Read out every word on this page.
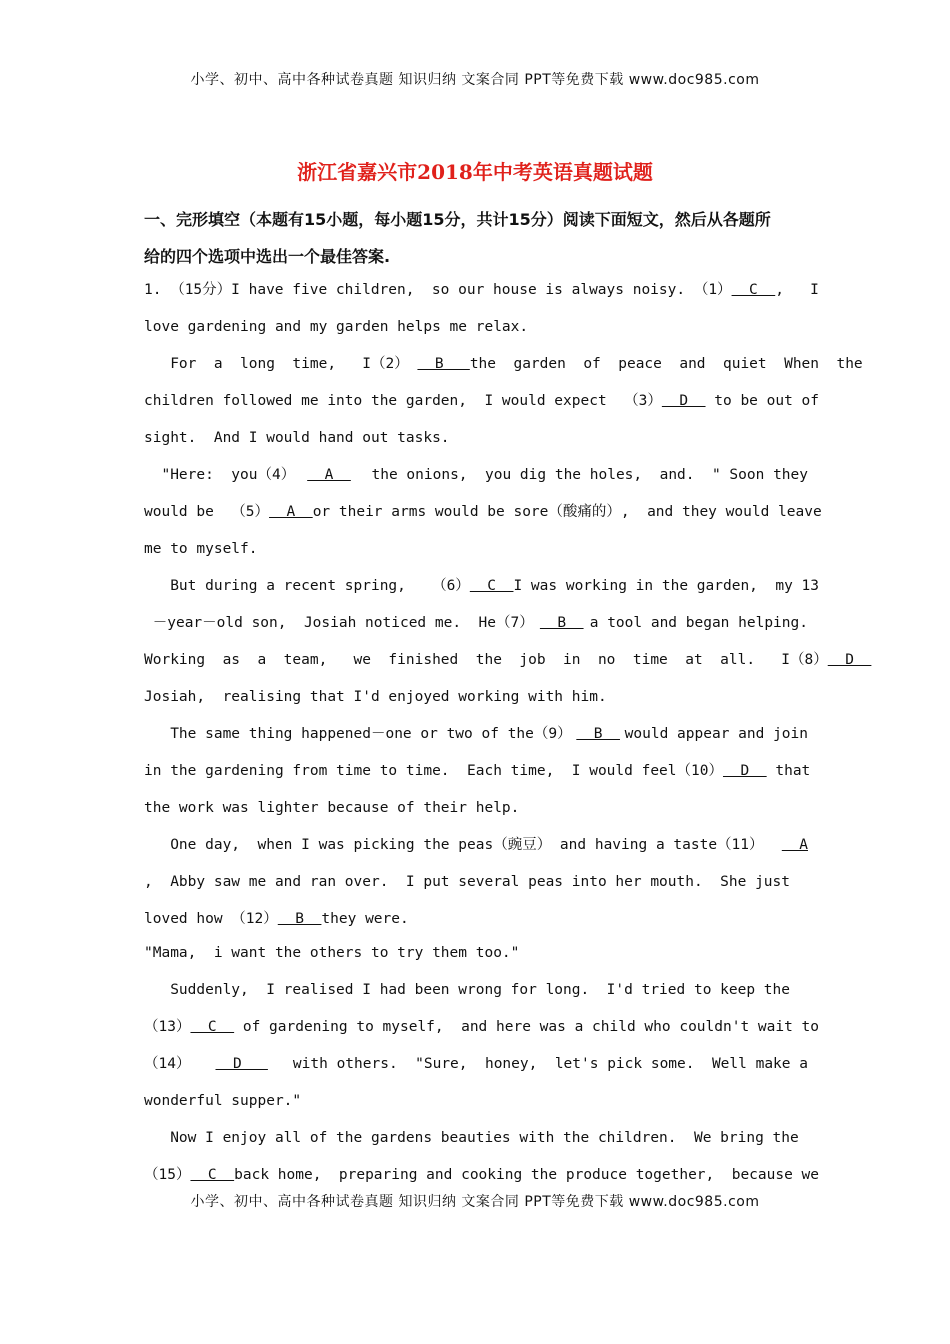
小学、初中、高中各种试卷真题 知识归纳 文案合同 PPT等免费下载 www.doc985.com
浙江省嘉兴市2018年中考英语真题试题
一、完形填空（本题有15小题，每小题15分，共计15分）阅读下面短文，然后从各题所
给的四个选项中选出一个最佳答案.
1. （15分）I have five children,  so our house is always noisy. （1） C ,   I
love gardening and my garden helps me relax.
For  a  long  time,   I（2） B the  garden  of  peace  and  quiet  When  the
children followed me into the garden,  I would expect  （3） D to be out of
sight.  And I would hand out tasks.
"Here:  you（4） A the onions,  you dig the holes,  and.  " Soon they
would be  （5） A or their arms would be sore（酸痛的）,  and they would leave
me to myself.
But during a recent spring,   （6） C I was working in the garden,  my 13
－year－old son,  Josiah noticed me.  He（7） B a tool and began helping.
Working  as  a  team,   we  finished  the  job  in  no  time  at  all.   I（8） D
Josiah,  realising that I'd enjoyed working with him.
The same thing happened－one or two of the（9） B would appear and join
in the gardening from time to time.  Each time,  I would feel（10） D that
the work was lighter because of their help.
One day,  when I was picking the peas（豌豆） and having a taste（11） A
,  Abby saw me and ran over.  I put several peas into her mouth.  She just
loved how （12） B they were.
"Mama,  i want the others to try them too."
Suddenly,  I realised I had been wrong for long.  I'd tried to keep the
（13） C of gardening to myself,  and here was a child who couldn't wait to
（14） D with others.  "Sure,  honey,  let's pick some.  Well make a
wonderful supper."
Now I enjoy all of the gardens beauties with the children.  We bring the
（15） C back home,  preparing and cooking the produce together,  because we
小学、初中、高中各种试卷真题 知识归纳 文案合同 PPT等免费下载 www.doc985.com
